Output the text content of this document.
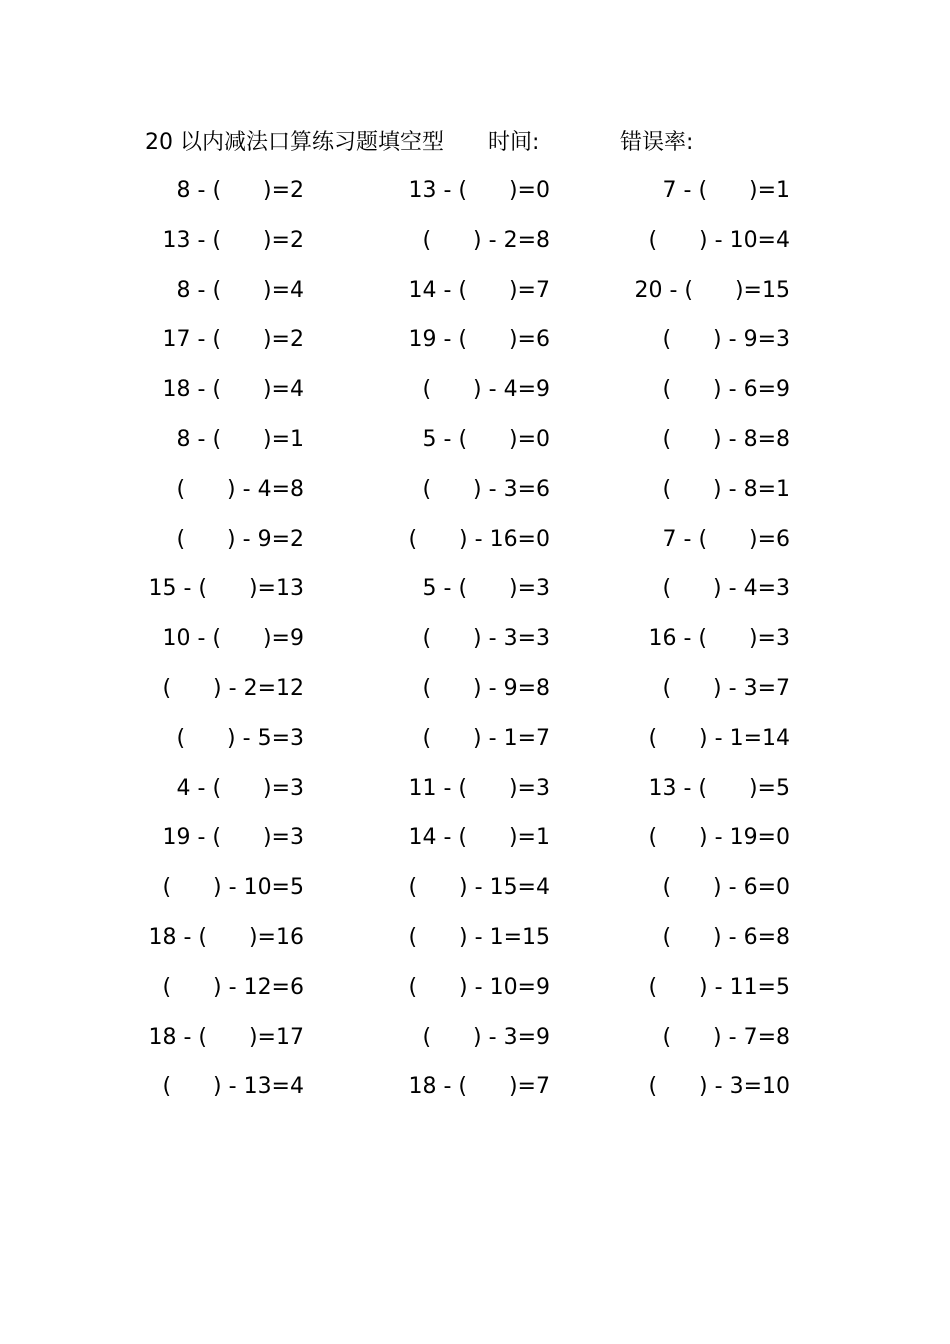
20 以内减法口算练习题填空型

时间:

	错误率:

8 - (      )=2	13 - (      )=0	7 - (      )=1
13 - (      )=2	(      ) - 2=8	(      ) - 10=4
8 - (      )=4	14 - (      )=7	20 - (      )=15
17 - (      )=2	19 - (      )=6	(      ) - 9=3
18 - (      )=4	(      ) - 4=9	(      ) - 6=9
8 - (      )=1	5 - (      )=0	(      ) - 8=8
(      ) - 4=8	(      ) - 3=6	(      ) - 8=1
(      ) - 9=2	(      ) - 16=0	7 - (      )=6
15 - (      )=13	5 - (      )=3	(      ) - 4=3
10 - (      )=9	(      ) - 3=3	16 - (      )=3
(      ) - 2=12	(      ) - 9=8	(      ) - 3=7
(      ) - 5=3	(      ) - 1=7	(      ) - 1=14
4 - (      )=3	11 - (      )=3	13 - (      )=5
19 - (      )=3	14 - (      )=1	(      ) - 19=0
(      ) - 10=5	(      ) - 15=4	(      ) - 6=0
18 - (      )=16	(      ) - 1=15	(      ) - 6=8
(      ) - 12=6	(      ) - 10=9	(      ) - 11=5
18 - (      )=17	(      ) - 3=9	(      ) - 7=8
(      ) - 13=4	18 - (      )=7	(      ) - 3=10
